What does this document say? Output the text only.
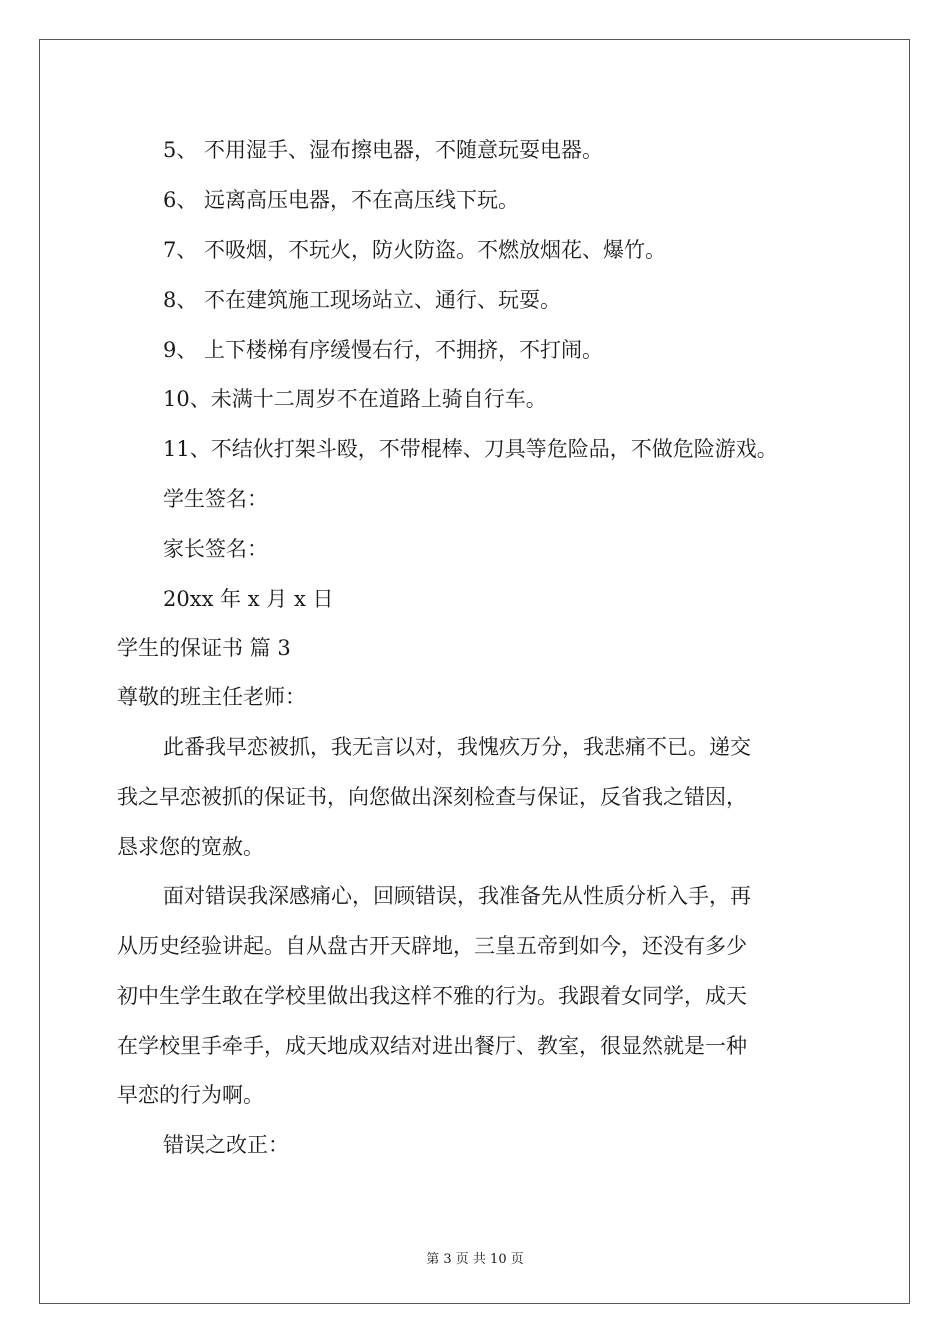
5、 不用湿手、湿布擦电器，不随意玩耍电器。
6、 远离高压电器，不在高压线下玩。
7、 不吸烟，不玩火，防火防盗。不燃放烟花、爆竹。
8、 不在建筑施工现场站立、通行、玩耍。
9、 上下楼梯有序缓慢右行，不拥挤，不打闹。
10、未满十二周岁不在道路上骑自行车。
11、不结伙打架斗殴，不带棍棒、刀具等危险品，不做危险游戏。
学生签名：
家长签名：
20xx 年 x 月 x 日
学生的保证书 篇 3
尊敬的班主任老师：
此番我早恋被抓，我无言以对，我愧疚万分，我悲痛不已。递交
我之早恋被抓的保证书，向您做出深刻检查与保证，反省我之错因，
恳求您的宽赦。
面对错误我深感痛心，回顾错误，我准备先从性质分析入手，再
从历史经验讲起。自从盘古开天辟地，三皇五帝到如今，还没有多少
初中生学生敢在学校里做出我这样不雅的行为。我跟着女同学，成天
在学校里手牵手，成天地成双结对进出餐厅、教室，很显然就是一种
早恋的行为啊。
错误之改正：
第 3 页 共 10 页
